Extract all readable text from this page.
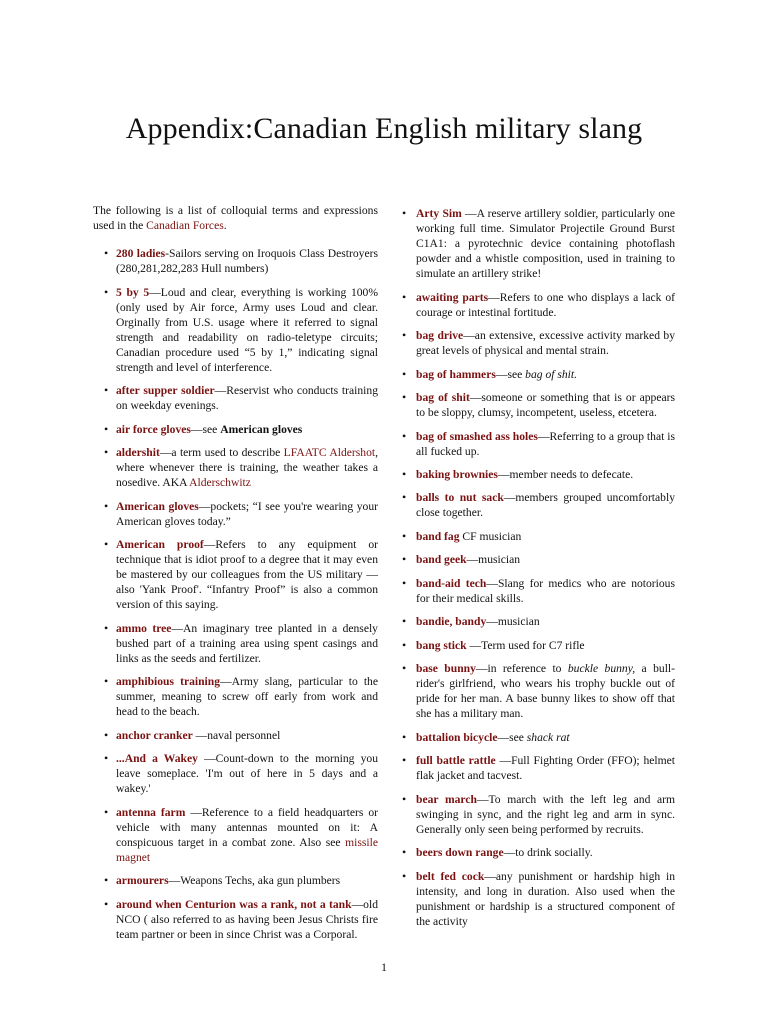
Appendix:Canadian English military slang

The following is a list of colloquial terms and expressions used in the Canadian Forces.

• 280 ladies-Sailors serving on Iroquois Class Destroyers (280,281,282,283 Hull numbers)
• 5 by 5—Loud and clear, everything is working 100% (only used by Air force, Army uses Loud and clear. Orginally from U.S. usage where it referred to signal strength and readability on radio-teletype circuits; Canadian procedure used “5 by 1,” indicating signal strength and level of interference.
• after supper soldier—Reservist who conducts training on weekday evenings.
• air force gloves—see American gloves
• aldershit—a term used to describe LFAATC Aldershot, where whenever there is training, the weather takes a nosedive. AKA Alderschwitz
• American gloves—pockets; “I see you're wearing your American gloves today.”
• American proof—Refers to any equipment or technique that is idiot proof to a degree that it may even be mastered by our colleagues from the US military —also 'Yank Proof'. “Infantry Proof” is also a common version of this saying.
• ammo tree—An imaginary tree planted in a densely bushed part of a training area using spent casings and links as the seeds and fertilizer.
• amphibious training—Army slang, particular to the summer, meaning to screw off early from work and head to the beach.
• anchor cranker —naval personnel
• ...And a Wakey —Count-down to the morning you leave someplace. 'I'm out of here in 5 days and a wakey.'
• antenna farm —Reference to a field headquarters or vehicle with many antennas mounted on it: A conspicuous target in a combat zone. Also see missile magnet
• armourers—Weapons Techs, aka gun plumbers
• around when Centurion was a rank, not a tank—old NCO ( also referred to as having been Jesus Christs fire team partner or been in since Christ was a Corporal.
• Arty Sim —A reserve artillery soldier, particularly one working full time. Simulator Projectile Ground Burst C1A1: a pyrotechnic device containing photoflash powder and a whistle composition, used in training to simulate an artillery strike!
• awaiting parts—Refers to one who displays a lack of courage or intestinal fortitude.
• bag drive—an extensive, excessive activity marked by great levels of physical and mental strain.
• bag of hammers—see bag of shit.
• bag of shit—someone or something that is or appears to be sloppy, clumsy, incompetent, useless, etcetera.
• bag of smashed ass holes—Referring to a group that is all fucked up.
• baking brownies—member needs to defecate.
• balls to nut sack—members grouped uncomfortably close together.
• band fag CF musician
• band geek—musician
• band-aid tech—Slang for medics who are notorious for their medical skills.
• bandie, bandy—musician
• bang stick —Term used for C7 rifle
• base bunny—in reference to buckle bunny, a bull-rider's girlfriend, who wears his trophy buckle out of pride for her man. A base bunny likes to show off that she has a military man.
• battalion bicycle—see shack rat
• full battle rattle —Full Fighting Order (FFO); helmet flak jacket and tacvest.
• bear march—To march with the left leg and arm swinging in sync, and the right leg and arm in sync. Generally only seen being performed by recruits.
• beers down range—to drink socially.
• belt fed cock—any punishment or hardship high in intensity, and long in duration. Also used when the punishment or hardship is a structured component of the activity
1
